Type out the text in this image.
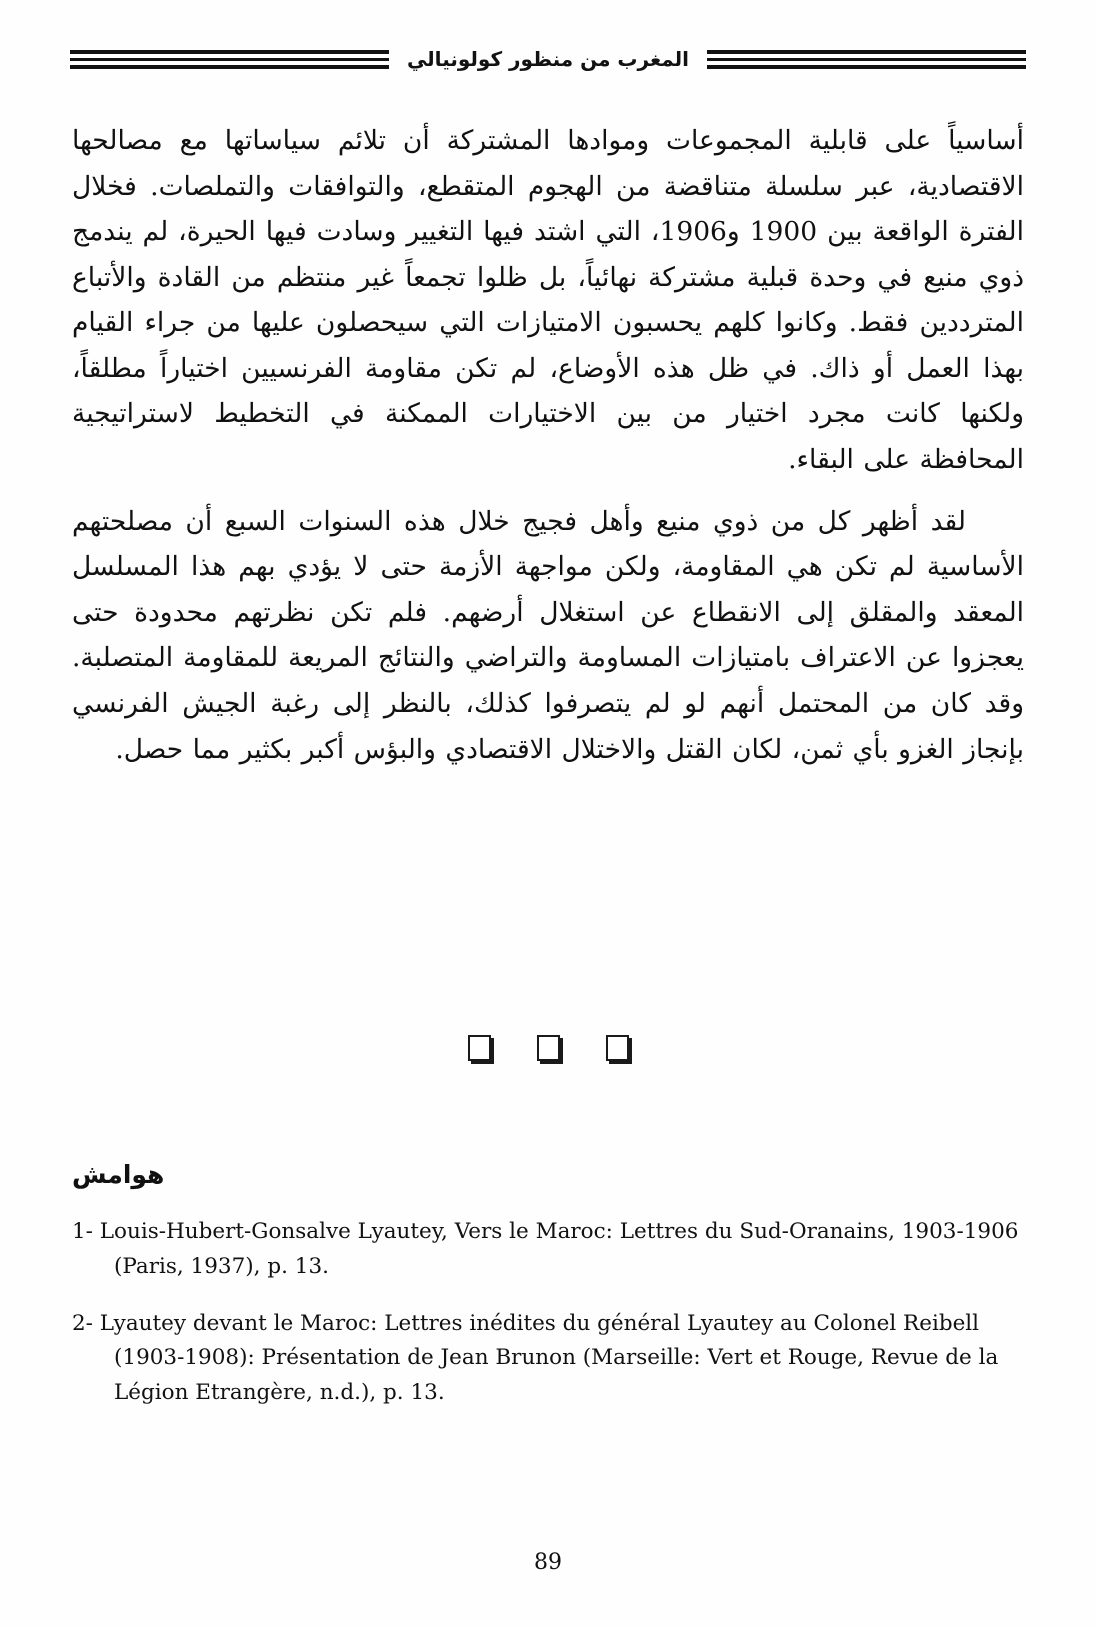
المغرب من منظور كولونيالي

أساسياً على قابلية المجموعات وموادها المشتركة أن تلائم سياساتها مع مصالحها الاقتصادية، عبر سلسلة متناقضة من الهجوم المتقطع، والتوافقات والتملصات. فخلال الفترة الواقعة بين 1900 و1906، التي اشتد فيها التغيير وسادت فيها الحيرة، لم يندمج ذوي منيع في وحدة قبلية مشتركة نهائياً، بل ظلوا تجمعاً غير منتظم من القادة والأتباع المترددين فقط. وكانوا كلهم يحسبون الامتيازات التي سيحصلون عليها من جراء القيام بهذا العمل أو ذاك. في ظل هذه الأوضاع، لم تكن مقاومة الفرنسيين اختياراً مطلقاً، ولكنها كانت مجرد اختيار من بين الاختيارات الممكنة في التخطيط لاستراتيجية المحافظة على البقاء.

لقد أظهر كل من ذوي منيع وأهل فجيج خلال هذه السنوات السبع أن مصلحتهم الأساسية لم تكن هي المقاومة، ولكن مواجهة الأزمة حتى لا يؤدي بهم هذا المسلسل المعقد والمقلق إلى الانقطاع عن استغلال أرضهم. فلم تكن نظرتهم محدودة حتى يعجزوا عن الاعتراف بامتيازات المساومة والتراضي والنتائج المريعة للمقاومة المتصلبة. وقد كان من المحتمل أنهم لو لم يتصرفوا كذلك، بالنظر إلى رغبة الجيش الفرنسي بإنجاز الغزو بأي ثمن، لكان القتل والاختلال الاقتصادي والبؤس أكبر بكثير مما حصل.

هوامش

1- Louis-Hubert-Gonsalve Lyautey, Vers le Maroc: Lettres du Sud-Oranains, 1903-1906 (Paris, 1937), p. 13.

2- Lyautey devant le Maroc: Lettres inédites du général Lyautey au Colonel Reibell (1903-1908): Présentation de Jean Brunon (Marseille: Vert et Rouge, Revue de la Légion Etrangère, n.d.), p. 13.

89
